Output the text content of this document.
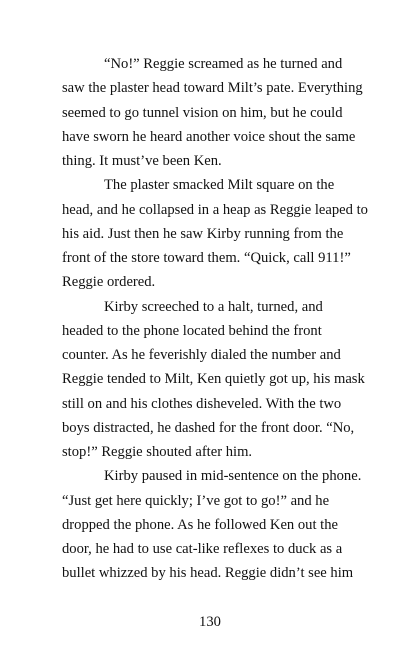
“No!” Reggie screamed as he turned and
saw the plaster head toward Milt’s pate. Everything
seemed to go tunnel vision on him, but he could
have sworn he heard another voice shout the same
thing. It must’ve been Ken.
The plaster smacked Milt square on the
head, and he collapsed in a heap as Reggie leaped to
his aid. Just then he saw Kirby running from the
front of the store toward them. “Quick, call 911!”
Reggie ordered.
Kirby screeched to a halt, turned, and
headed to the phone located behind the front
counter. As he feverishly dialed the number and
Reggie tended to Milt, Ken quietly got up, his mask
still on and his clothes disheveled. With the two
boys distracted, he dashed for the front door. “No,
stop!” Reggie shouted after him.
Kirby paused in mid-sentence on the phone.
“Just get here quickly; I’ve got to go!” and he
dropped the phone. As he followed Ken out the
door, he had to use cat-like reflexes to duck as a
bullet whizzed by his head. Reggie didn’t see him
130
